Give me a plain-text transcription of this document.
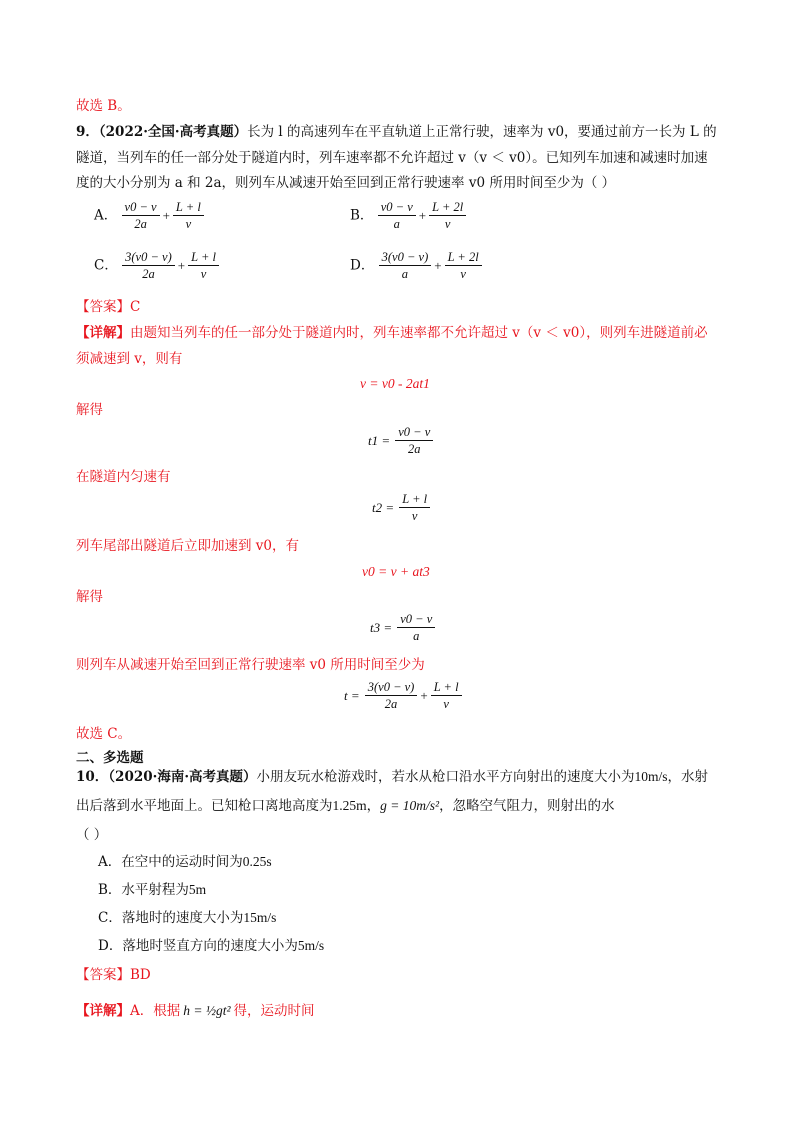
故选 B。
9．（2022·全国·高考真题）长为 l 的高速列车在平直轨道上正常行驶，速率为 v0，要通过前方一长为 L 的
隧道，当列车的任一部分处于隧道内时，列车速率都不允许超过 v（v ＜ v0）。已知列车加速和减速时加速
度的大小分别为 a 和 2a，则列车从减速开始至回到正常行驶速率 v0 所用时间至少为（ ）
A． $\frac{v0 - v}{2a} + \frac{L + l}{v}$	B． $\frac{v0 - v}{a} + \frac{L + 2l}{v}$
C． $\frac{3(v0 - v)}{2a} + \frac{L + l}{v}$	D． $\frac{3(v0 - v)}{a} + \frac{L + 2l}{v}$
【答案】C
【详解】由题知当列车的任一部分处于隧道内时，列车速率都不允许超过 v（v ＜ v0），则列车进隧道前必
须减速到 v，则有
v = v0 - 2at1
解得
$t1 = \frac{v0 - v}{2a}$
在隧道内匀速有
$t2 = \frac{L + l}{v}$
列车尾部出隧道后立即加速到 v0，有
v0 = v + at3
解得
$t3 = \frac{v0 - v}{a}$
则列车从减速开始至回到正常行驶速率 v0 所用时间至少为
$t = \frac{3(v0 - v)}{2a} + \frac{L + l}{v}$
故选 C。
二、多选题
10．（2020·海南·高考真题）小朋友玩水枪游戏时，若水从枪口沿水平方向射出的速度大小为10m/s，水射
出后落到水平地面上。已知枪口离地高度为1.25m，g = 10m/s²，忽略空气阻力，则射出的水
（ ）
A．在空中的运动时间为0.25s
B．水平射程为5m
C．落地时的速度大小为15m/s
D．落地时竖直方向的速度大小为5m/s
【答案】BD
【详解】A．根据 h = ½gt² 得，运动时间
